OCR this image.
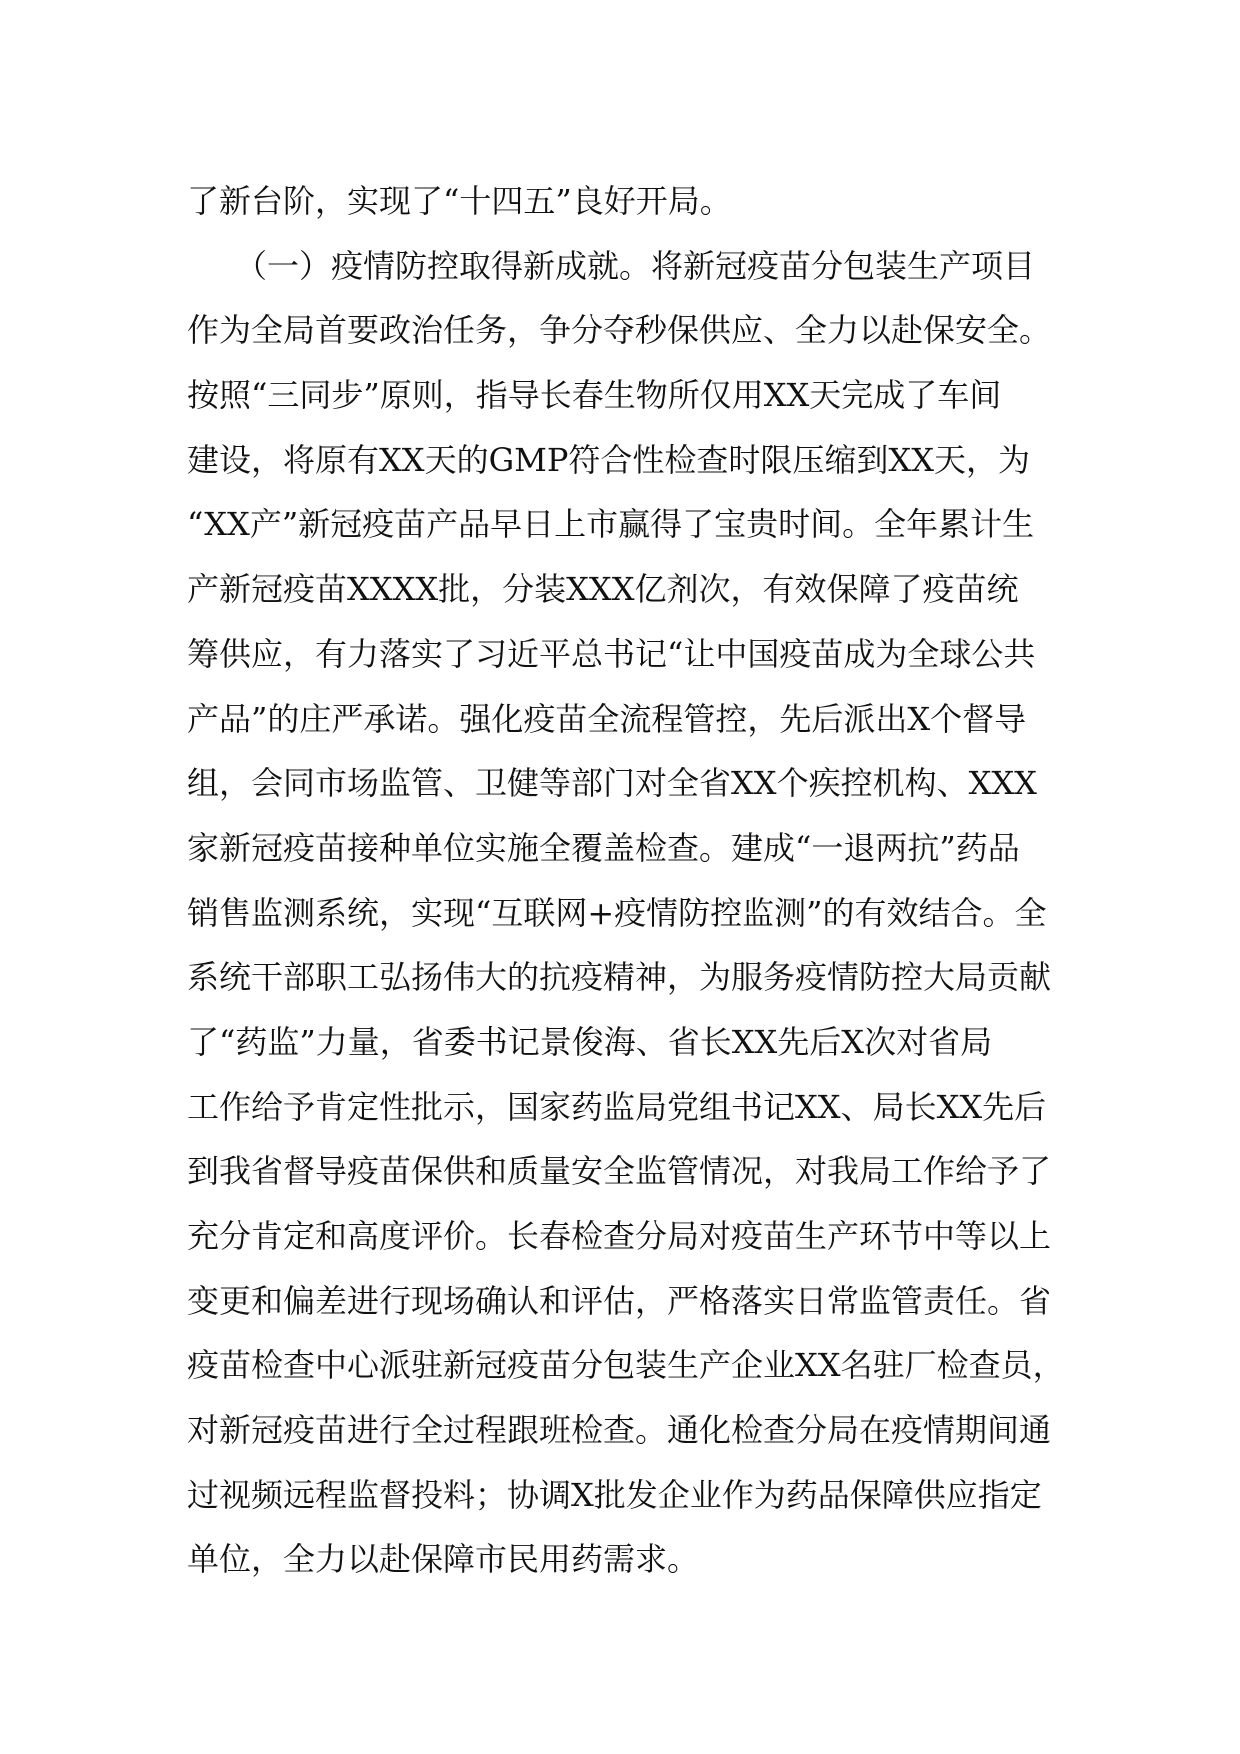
了新台阶，实现了“十四五”良好开局。
　　（一）疫情防控取得新成就。将新冠疫苗分包装生产项目
作为全局首要政治任务，争分夺秒保供应、全力以赴保安全。
按照“三同步”原则，指导长春生物所仅用XX天完成了车间
建设，将原有XX天的GMP符合性检查时限压缩到XX天，为
“XX产”新冠疫苗产品早日上市赢得了宝贵时间。全年累计生
产新冠疫苗XXXX批，分装XXX亿剂次，有效保障了疫苗统
筹供应，有力落实了习近平总书记“让中国疫苗成为全球公共
产品”的庄严承诺。强化疫苗全流程管控，先后派出X个督导
组，会同市场监管、卫健等部门对全省XX个疾控机构、XXX
家新冠疫苗接种单位实施全覆盖检查。建成“一退两抗”药品
销售监测系统，实现“互联网+疫情防控监测”的有效结合。全
系统干部职工弘扬伟大的抗疫精神，为服务疫情防控大局贡献
了“药监”力量，省委书记景俊海、省长XX先后X次对省局
工作给予肯定性批示，国家药监局党组书记XX、局长XX先后
到我省督导疫苗保供和质量安全监管情况，对我局工作给予了
充分肯定和高度评价。长春检查分局对疫苗生产环节中等以上
变更和偏差进行现场确认和评估，严格落实日常监管责任。省
疫苗检查中心派驻新冠疫苗分包装生产企业XX名驻厂检查员，
对新冠疫苗进行全过程跟班检查。通化检查分局在疫情期间通
过视频远程监督投料；协调X批发企业作为药品保障供应指定
单位，全力以赴保障市民用药需求。
